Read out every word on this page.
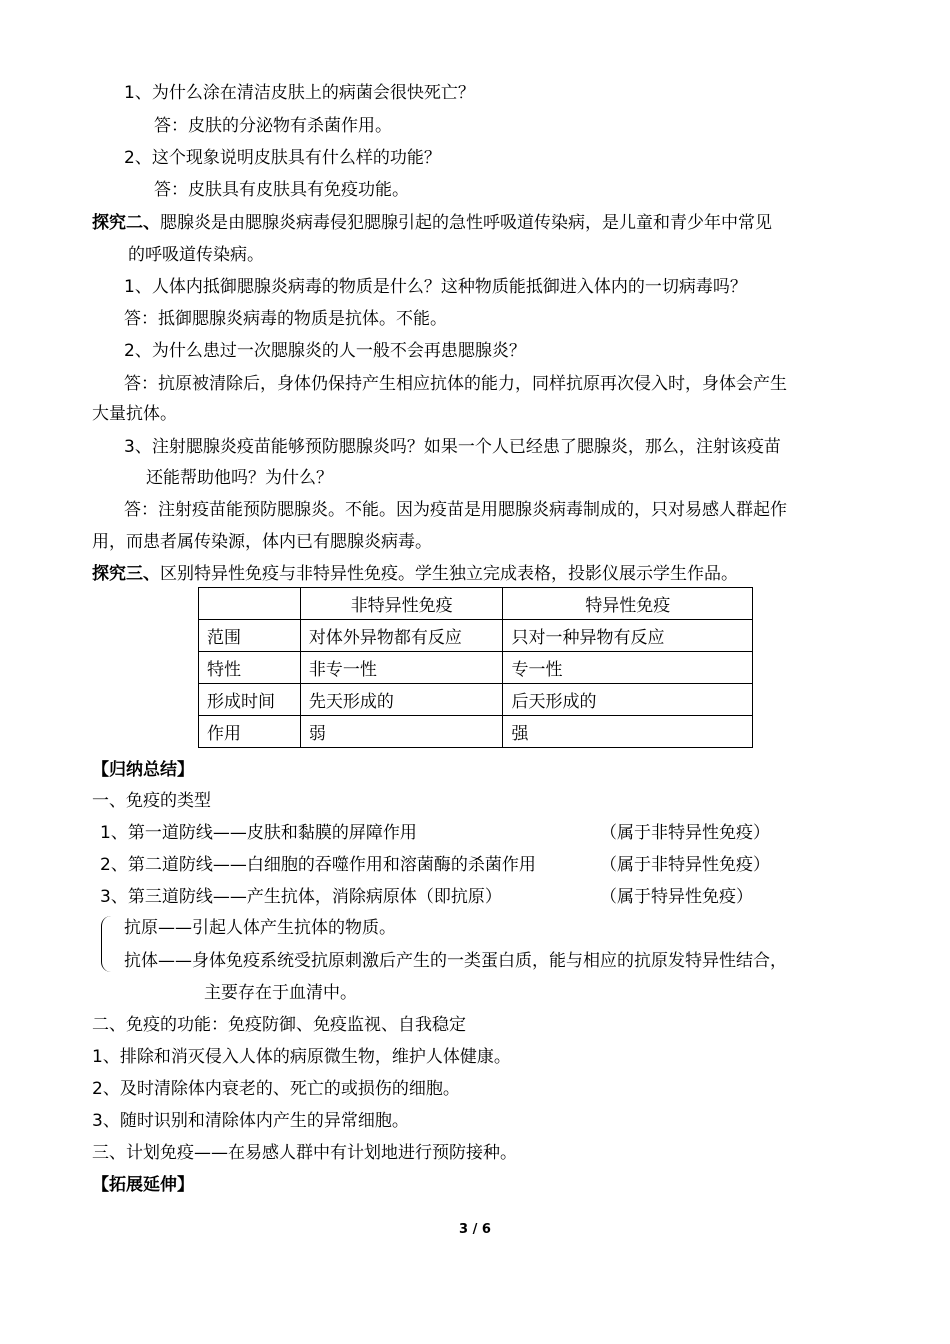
1、为什么涂在清洁皮肤上的病菌会很快死亡？
答：皮肤的分泌物有杀菌作用。
2、这个现象说明皮肤具有什么样的功能？
答：皮肤具有皮肤具有免疫功能。
探究二、腮腺炎是由腮腺炎病毒侵犯腮腺引起的急性呼吸道传染病，是儿童和青少年中常见
的呼吸道传染病。
1、人体内抵御腮腺炎病毒的物质是什么？这种物质能抵御进入体内的一切病毒吗？
答：抵御腮腺炎病毒的物质是抗体。不能。
2、为什么患过一次腮腺炎的人一般不会再患腮腺炎？
答：抗原被清除后，身体仍保持产生相应抗体的能力，同样抗原再次侵入时，身体会产生
大量抗体。
3、注射腮腺炎疫苗能够预防腮腺炎吗？如果一个人已经患了腮腺炎，那么，注射该疫苗
还能帮助他吗？为什么？
答：注射疫苗能预防腮腺炎。不能。因为疫苗是用腮腺炎病毒制成的，只对易感人群起作
用，而患者属传染源，体内已有腮腺炎病毒。
探究三、区别特异性免疫与非特异性免疫。学生独立完成表格，投影仪展示学生作品。
	非特异性免疫	特异性免疫
范围	对体外异物都有反应	只对一种异物有反应
特性	非专一性	专一性
形成时间	先天形成的	后天形成的
作用	弱	强
【归纳总结】
一、免疫的类型
1、第一道防线——皮肤和黏膜的屏障作用	（属于非特异性免疫）
2、第二道防线——白细胞的吞噬作用和溶菌酶的杀菌作用	（属于非特异性免疫）
3、第三道防线——产生抗体，消除病原体（即抗原）	（属于特异性免疫）
抗原——引起人体产生抗体的物质。
抗体——身体免疫系统受抗原刺激后产生的一类蛋白质，能与相应的抗原发特异性结合，
主要存在于血清中。
二、免疫的功能：免疫防御、免疫监视、自我稳定
1、排除和消灭侵入人体的病原微生物，维护人体健康。
2、及时清除体内衰老的、死亡的或损伤的细胞。
3、随时识别和清除体内产生的异常细胞。
三、计划免疫——在易感人群中有计划地进行预防接种。
【拓展延伸】
3 / 6
